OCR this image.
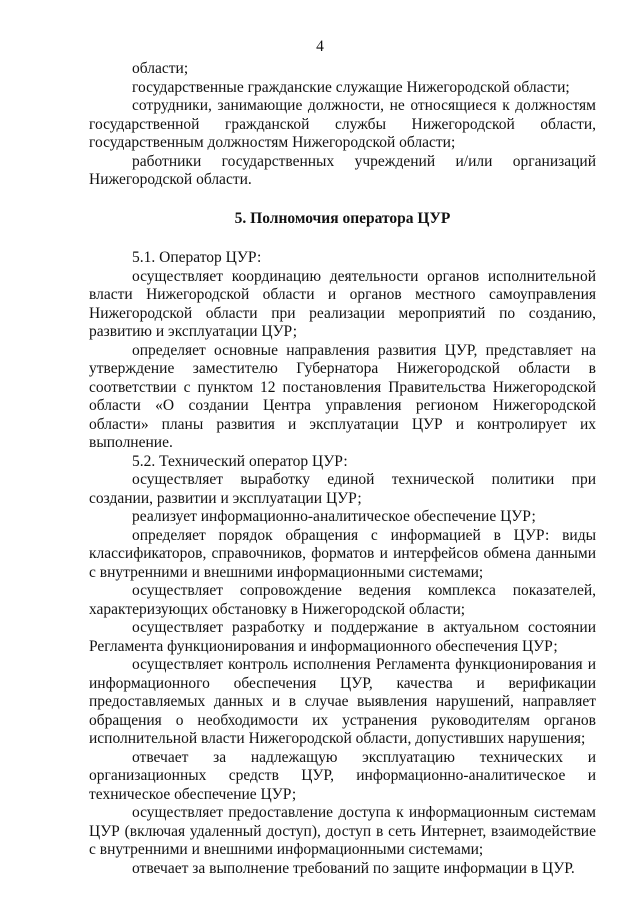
4

области;

государственные гражданские служащие Нижегородской области;

сотрудники, занимающие должности, не относящиеся к должностям государственной гражданской службы Нижегородской области, государственным должностям Нижегородской области;

работники государственных учреждений и/или организаций Нижегородской области.

5. Полномочия оператора ЦУР

5.1. Оператор ЦУР:

осуществляет координацию деятельности органов исполнительной власти Нижегородской области и органов местного самоуправления Нижегородской области при реализации мероприятий по созданию, развитию и эксплуатации ЦУР;

определяет основные направления развития ЦУР, представляет на утверждение заместителю Губернатора Нижегородской области в соответствии с пунктом 12 постановления Правительства Нижегородской области «О создании Центра управления регионом Нижегородской области» планы развития и эксплуатации ЦУР и контролирует их выполнение.

5.2. Технический оператор ЦУР:

осуществляет выработку единой технической политики при создании, развитии и эксплуатации ЦУР;

реализует информационно-аналитическое обеспечение ЦУР;

определяет порядок обращения с информацией в ЦУР: виды классификаторов, справочников, форматов и интерфейсов обмена данными с внутренними и внешними информационными системами;

осуществляет сопровождение ведения комплекса показателей, характеризующих обстановку в Нижегородской области;

осуществляет разработку и поддержание в актуальном состоянии Регламента функционирования и информационного обеспечения ЦУР;

осуществляет контроль исполнения Регламента функционирования и информационного обеспечения ЦУР, качества и верификации предоставляемых данных и в случае выявления нарушений, направляет обращения о необходимости их устранения руководителям органов исполнительной власти Нижегородской области, допустивших нарушения;

отвечает за надлежащую эксплуатацию технических и организационных средств ЦУР, информационно-аналитическое и техническое обеспечение ЦУР;

осуществляет предоставление доступа к информационным системам ЦУР (включая удаленный доступ), доступ в сеть Интернет, взаимодействие с внутренними и внешними информационными системами;

отвечает за выполнение требований по защите информации в ЦУР.
